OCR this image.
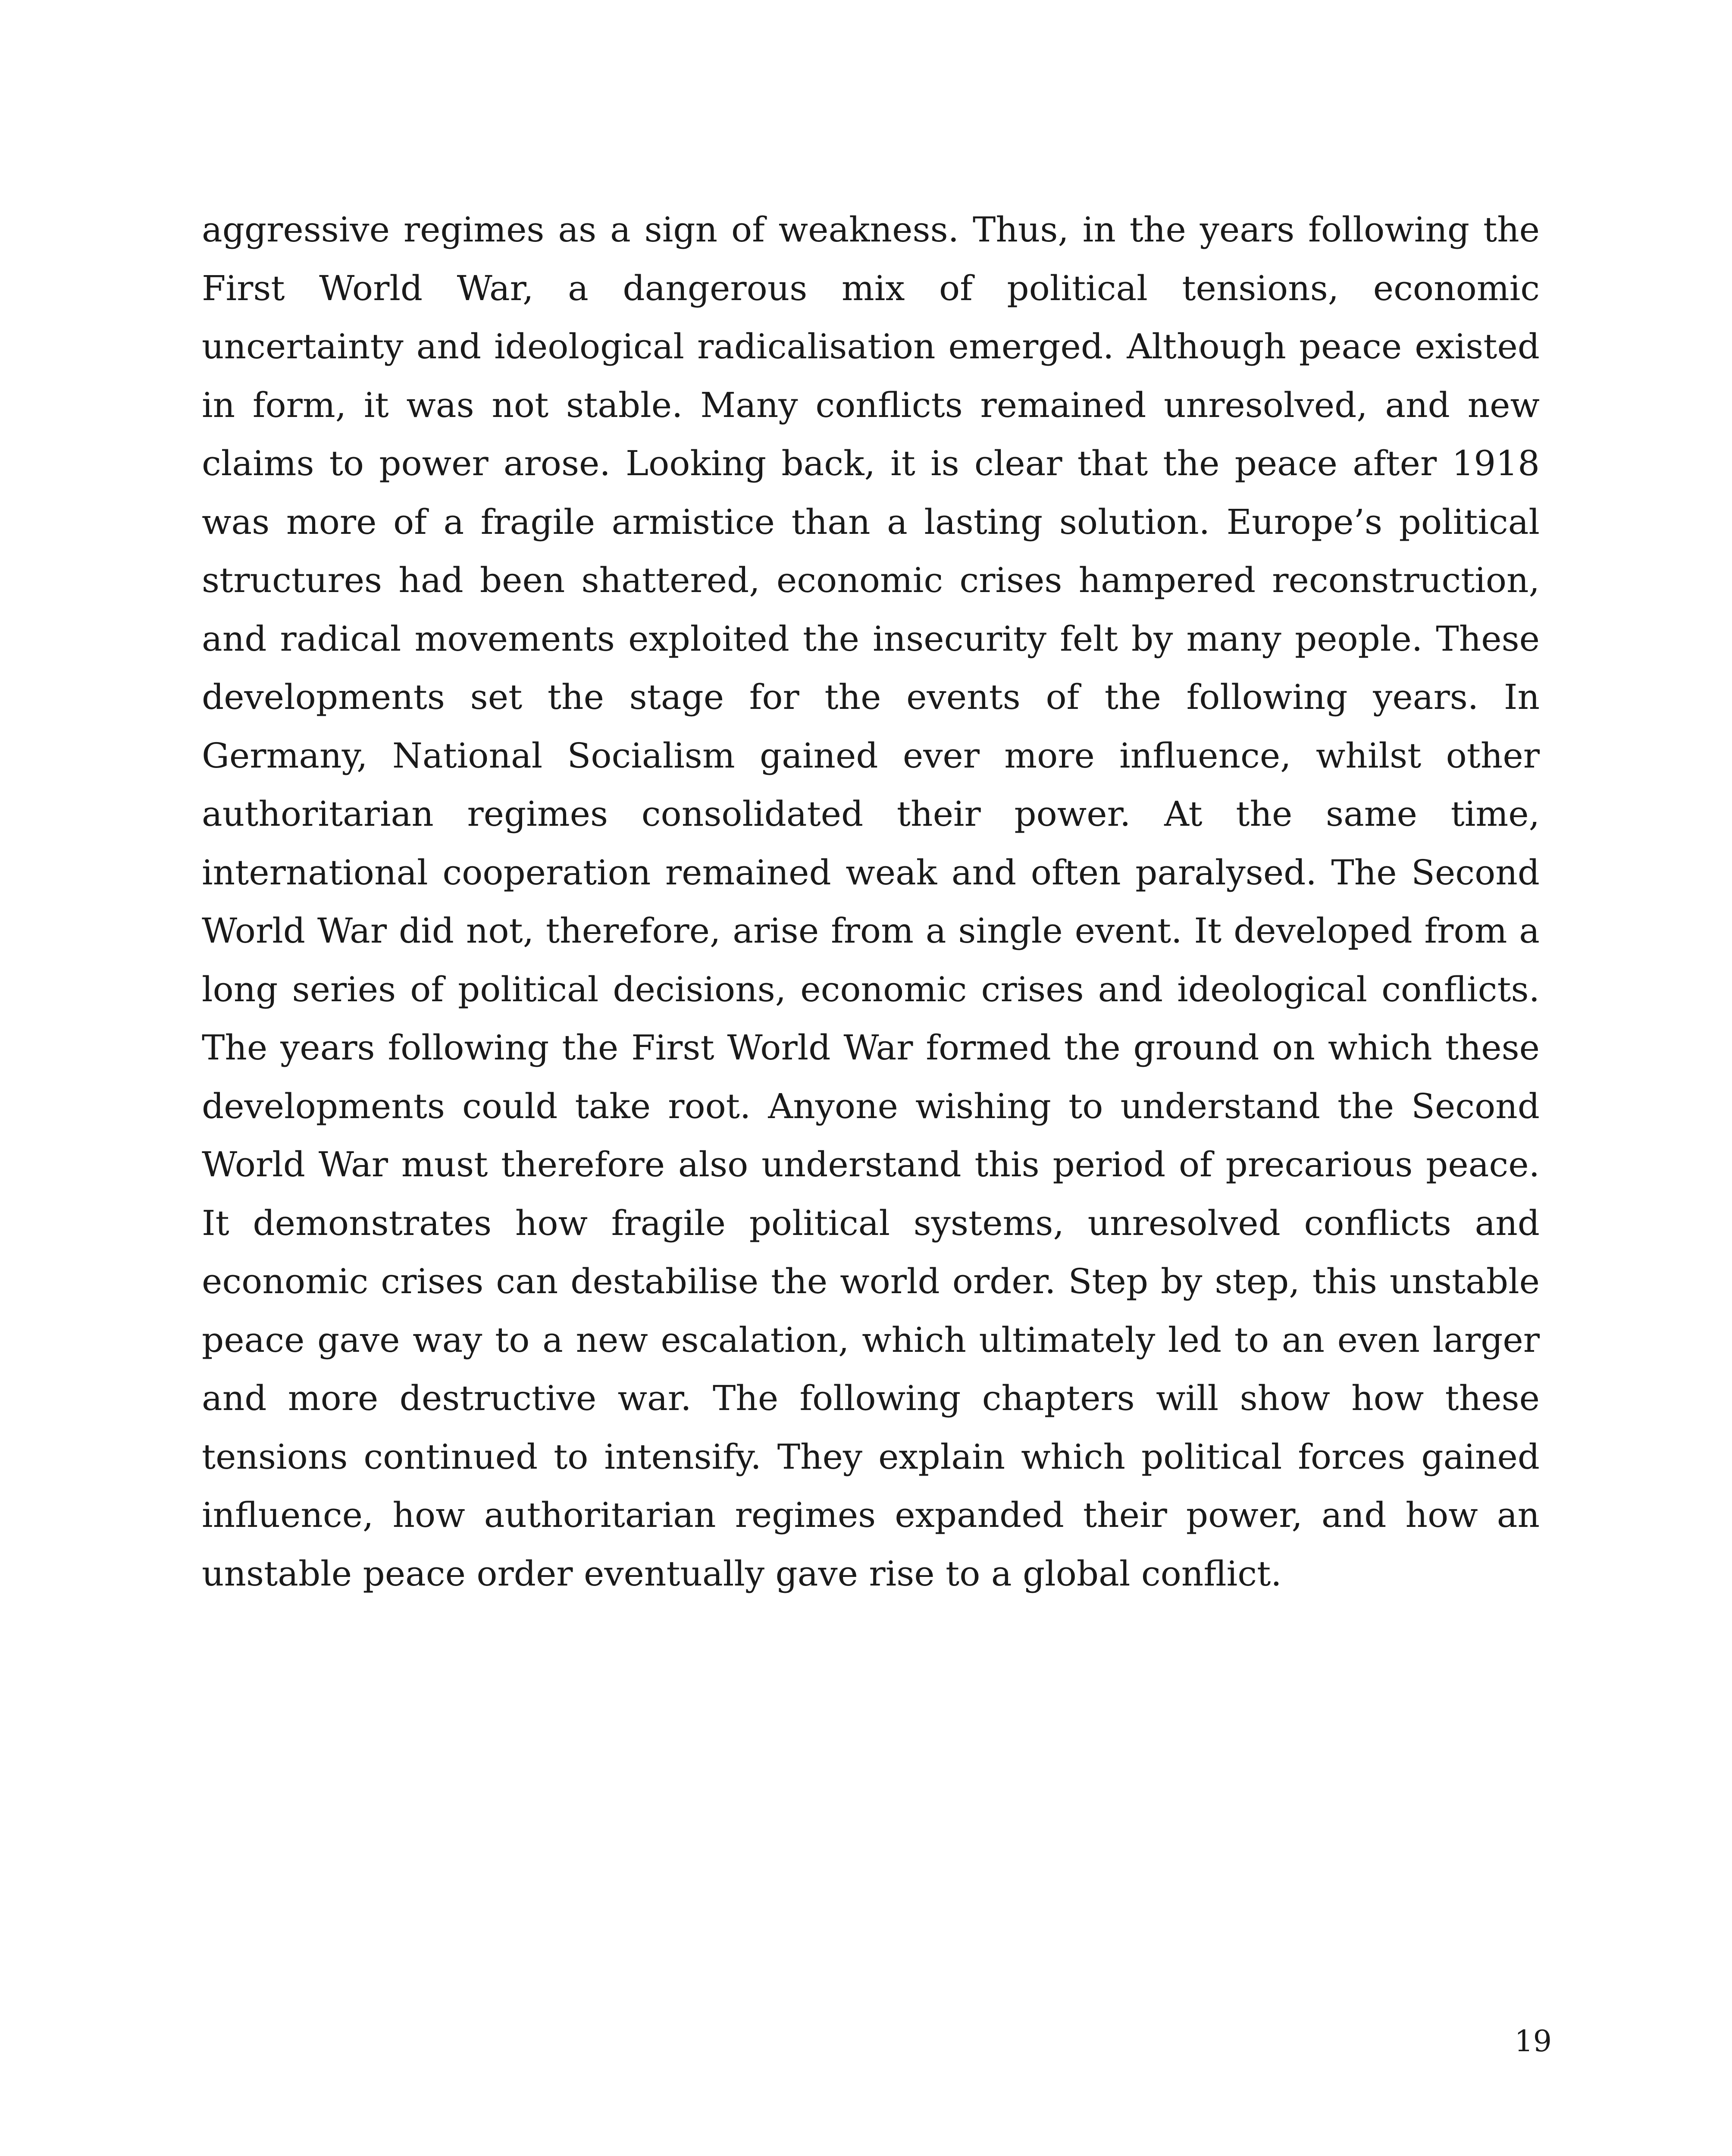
aggressive regimes as a sign of weakness. Thus, in the years following the First World War, a dangerous mix of political tensions, economic uncertainty and ideological radicalisation emerged. Although peace existed in form, it was not stable. Many conflicts remained unresolved, and new claims to power arose. Looking back, it is clear that the peace after 1918 was more of a fragile armistice than a lasting solution. Europe’s political structures had been shattered, economic crises hampered reconstruction, and radical movements exploited the insecurity felt by many people. These developments set the stage for the events of the following years. In Germany, National Socialism gained ever more influence, whilst other authoritarian regimes consolidated their power. At the same time, international cooperation remained weak and often paralysed. The Second World War did not, therefore, arise from a single event. It developed from a long series of political decisions, economic crises and ideological conflicts. The years following the First World War formed the ground on which these developments could take root. Anyone wishing to understand the Second World War must therefore also understand this period of precarious peace. It demonstrates how fragile political systems, unresolved conflicts and economic crises can destabilise the world order. Step by step, this unstable peace gave way to a new escalation, which ultimately led to an even larger and more destructive war. The following chapters will show how these tensions continued to intensify. They explain which political forces gained influence, how authoritarian regimes expanded their power, and how an unstable peace order eventually gave rise to a global conflict.

19
